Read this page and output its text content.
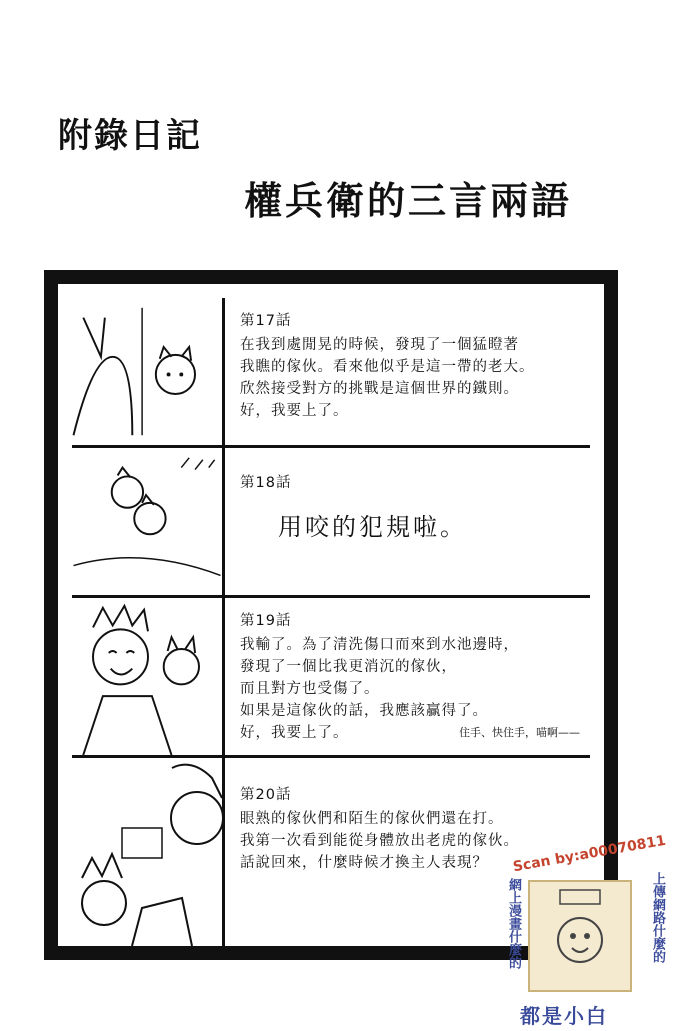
附錄日記
權兵衛的三言兩語
第17話
在我到處閒晃的時候，發現了一個猛瞪著
我瞧的傢伙。看來他似乎是這一帶的老大。
欣然接受對方的挑戰是這個世界的鐵則。
好，我要上了。
第18話
用咬的犯規啦。
第19話
我輸了。為了清洗傷口而來到水池邊時，
發現了一個比我更消沉的傢伙，
而且對方也受傷了。
如果是這傢伙的話，我應該贏得了。
好，我要上了。	住手、快住手，喵啊——
第20話
眼熟的傢伙們和陌生的傢伙們還在打。
我第一次看到能從身體放出老虎的傢伙。
話說回來，什麼時候才換主人表現？	Scan by:a00070811
網上漫畫什麼的	上傳網路什麼的
都是小白
